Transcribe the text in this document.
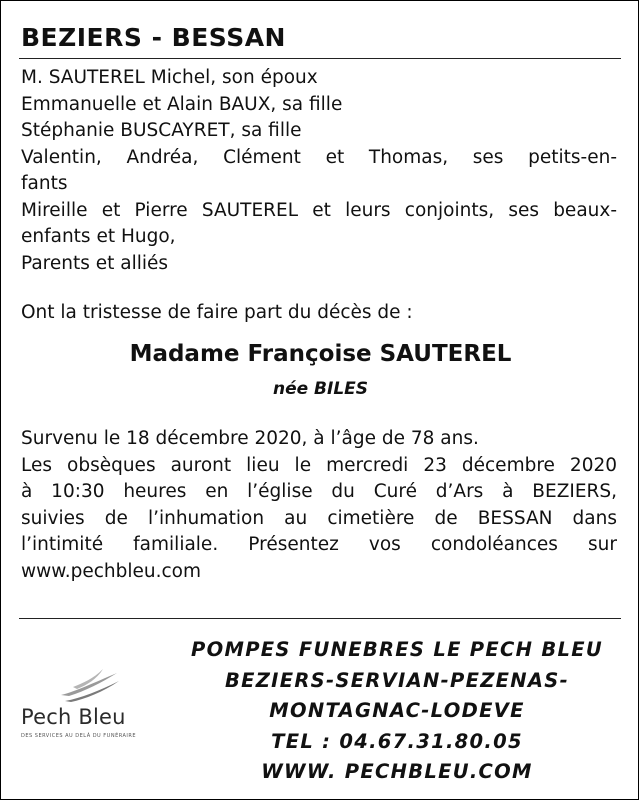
BEZIERS - BESSAN
M. SAUTEREL Michel, son époux
Emmanuelle et Alain BAUX, sa fille
Stéphanie BUSCAYRET, sa fille
Valentin, Andréa, Clément et Thomas, ses petits-en-
fants
Mireille et Pierre SAUTEREL et leurs conjoints, ses beaux-
enfants et Hugo,
Parents et alliés
Ont la tristesse de faire part du décès de :
Madame Françoise SAUTEREL
née BILES
Survenu le 18 décembre 2020, à l’âge de 78 ans.
Les obsèques auront lieu le mercredi 23 décembre 2020
à 10:30 heures en l’église du Curé d’Ars à BEZIERS,
suivies de l’inhumation au cimetière de BESSAN dans
l’intimité familiale. Présentez vos condoléances sur
www.pechbleu.com
Pech Bleu
DES SERVICES AU DELÀ DU FUNÉRAIRE
POMPES FUNEBRES LE PECH BLEU
BEZIERS-SERVIAN-PEZENAS-
MONTAGNAC-LODEVE
TEL : 04.67.31.80.05
WWW. PECHBLEU.COM
